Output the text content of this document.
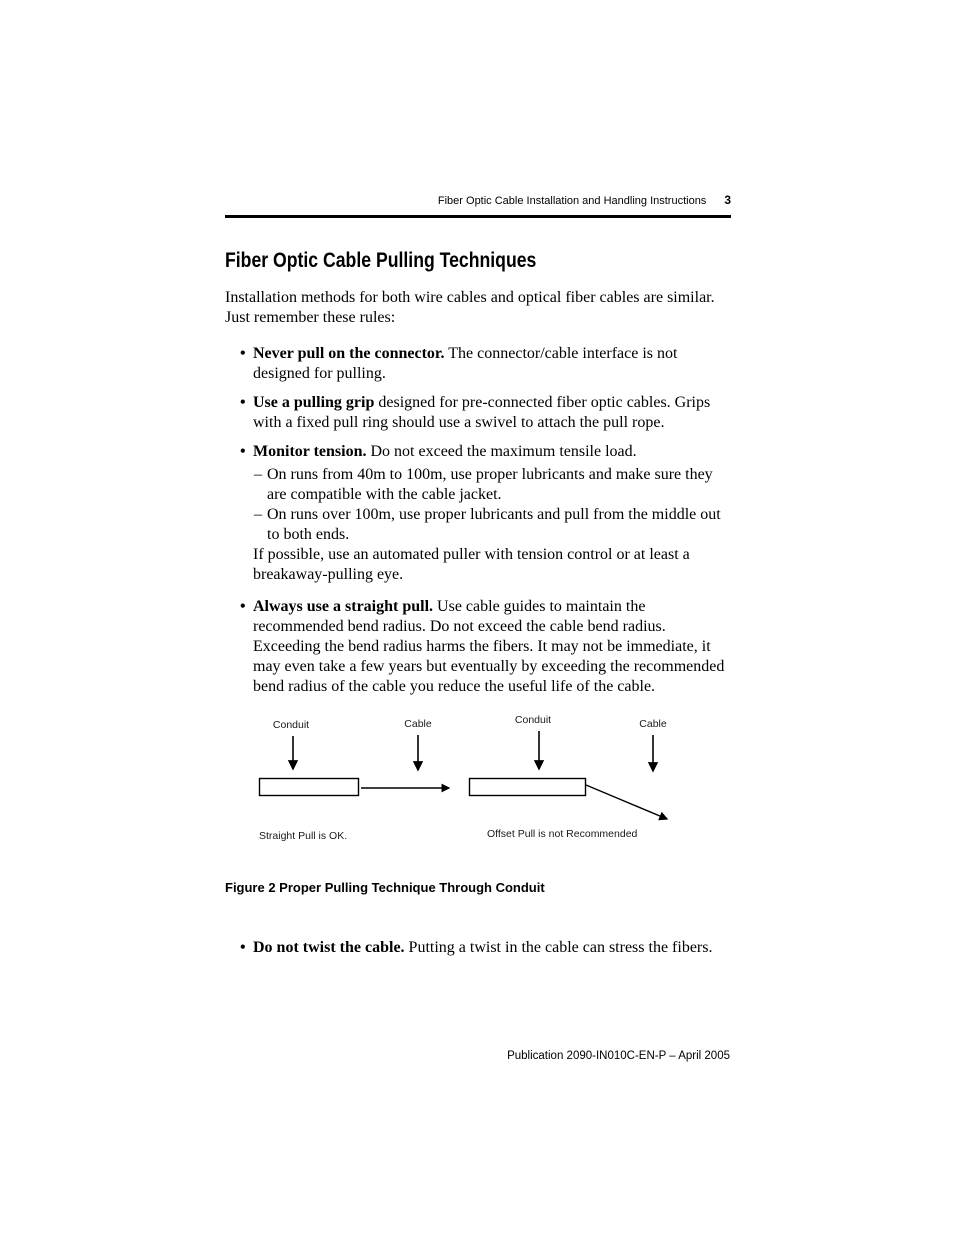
Fiber Optic Cable Installation and Handling Instructions 3
Fiber Optic Cable Pulling Techniques

Installation methods for both wire cables and optical fiber cables are similar. Just remember these rules:

• Never pull on the connector. The connector/cable interface is not designed for pulling.
• Use a pulling grip designed for pre-connected fiber optic cables. Grips with a fixed pull ring should use a swivel to attach the pull rope.
• Monitor tension. Do not exceed the maximum tensile load.
– On runs from 40m to 100m, use proper lubricants and make sure they are compatible with the cable jacket.
– On runs over 100m, use proper lubricants and pull from the middle out to both ends.
If possible, use an automated puller with tension control or at least a breakaway-pulling eye.
• Always use a straight pull. Use cable guides to maintain the recommended bend radius. Do not exceed the cable bend radius. Exceeding the bend radius harms the fibers. It may not be immediate, it may even take a few years but eventually by exceeding the recommended bend radius of the cable you reduce the useful life of the cable.
Conduit	Cable
Straight Pull is OK.
Conduit	Cable
Offset Pull is not Recommended
Figure 2 Proper Pulling Technique Through Conduit
• Do not twist the cable. Putting a twist in the cable can stress the fibers.
Publication 2090-IN010C-EN-P – April 2005
